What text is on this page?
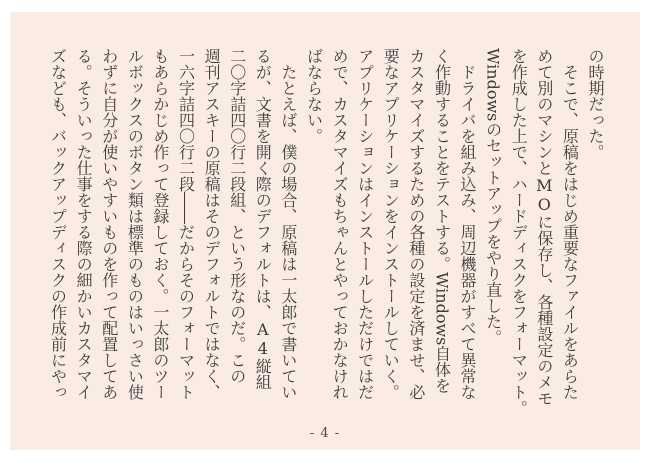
の時期だった。
そこで、原稿をはじめ重要なファイルをあらた
めて別のマシンとMOに保存し、各種設定のメモ
を作成した上で、ハードディスクをフォーマット。
Windowsのセットアップをやり直した。
ドライバを組み込み、周辺機器がすべて異常な
く作動することをテストする。Windows自体を
カスタマイズするための各種の設定を済ませ、必
要なアプリケーションをインストールしていく。
アプリケーションはインストールしただけではだ
めで、カスタマイズもちゃんとやっておかなけれ
ばならない。
たとえば、僕の場合、原稿は一太郎で書いてい
るが、文書を開く際のデフォルトは、A4縦組
二〇字詰四〇行二段組、という形なのだ。この
週刊アスキーの原稿はそのデフォルトではなく、
一六字詰四〇行二段――だからそのフォーマット
もあらかじめ作って登録しておく。一太郎のツー
ルボックスのボタン類は標準のものはいっさい使
わずに自分が使いやすいものを作って配置してあ
る。そういった仕事をする際の細かいカスタマイ
ズなども、バックアップディスクの作成前にやっ
- 4 -
